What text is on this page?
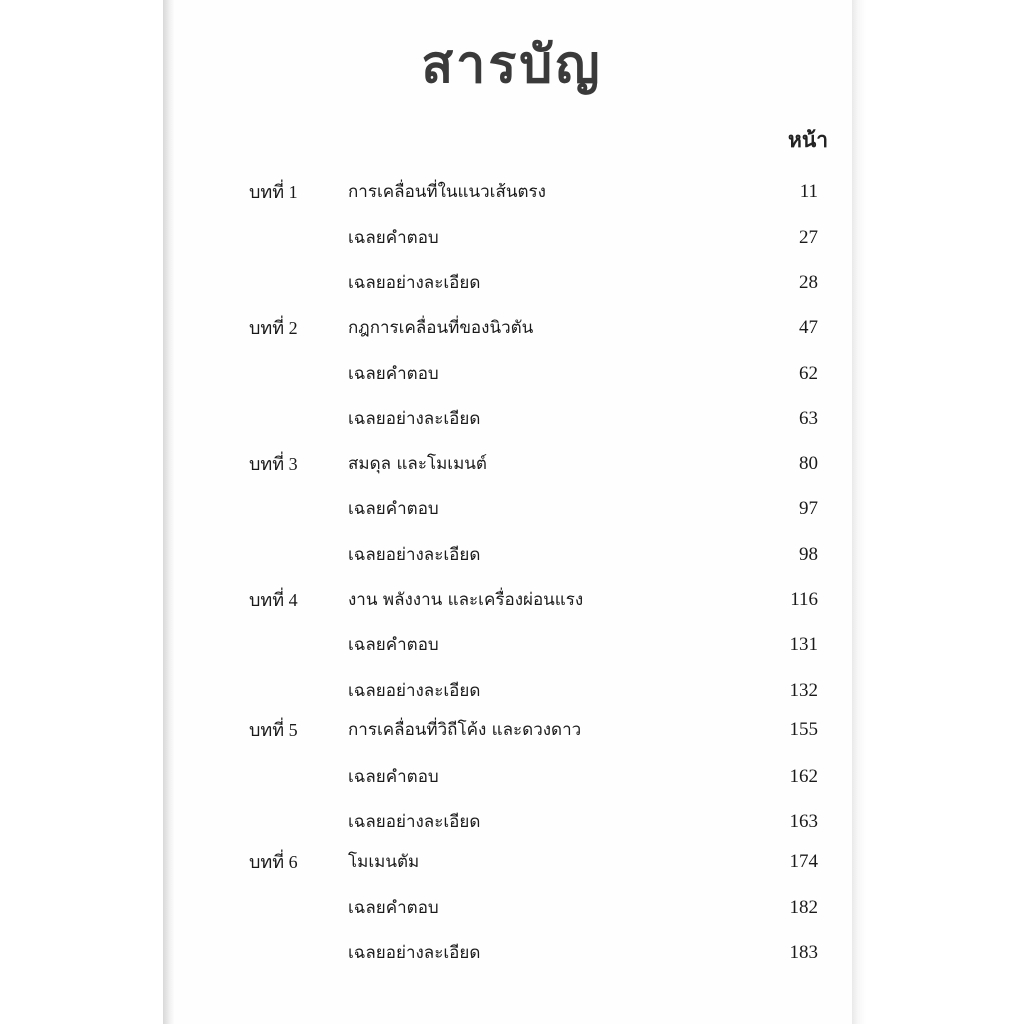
สารบัญ
หน้า
บทที่ 1	การเคลื่อนที่ในแนวเส้นตรง	11
เฉลยคำตอบ	27
เฉลยอย่างละเอียด	28
บทที่ 2	กฎการเคลื่อนที่ของนิวตัน	47
เฉลยคำตอบ	62
เฉลยอย่างละเอียด	63
บทที่ 3	สมดุล และโมเมนต์	80
เฉลยคำตอบ	97
เฉลยอย่างละเอียด	98
บทที่ 4	งาน พลังงาน และเครื่องผ่อนแรง	116
เฉลยคำตอบ	131
เฉลยอย่างละเอียด	132
บทที่ 5	การเคลื่อนที่วิถีโค้ง และดวงดาว	155
เฉลยคำตอบ	162
เฉลยอย่างละเอียด	163
บทที่ 6	โมเมนตัม	174
เฉลยคำตอบ	182
เฉลยอย่างละเอียด	183
